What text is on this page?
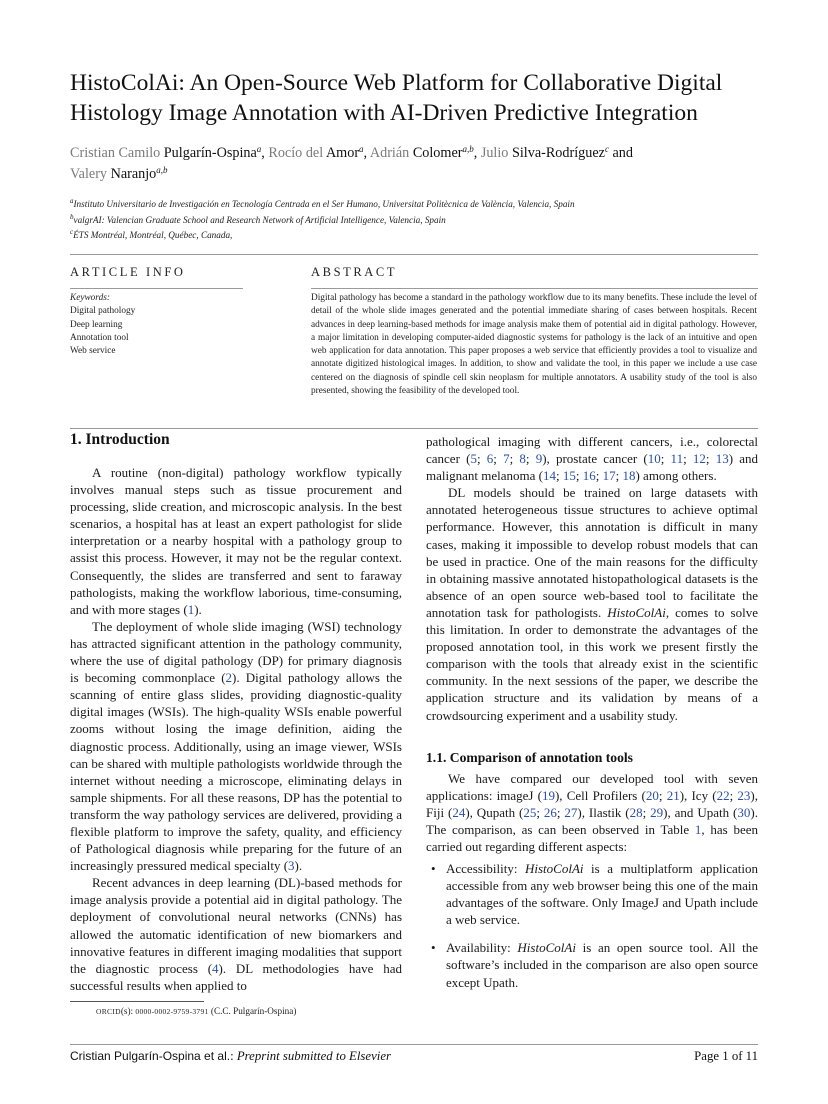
HistoColAi: An Open-Source Web Platform for Collaborative Digital
Histology Image Annotation with AI-Driven Predictive Integration
Cristian Camilo Pulgarín-Ospina$^a$, Rocío del Amor$^a$, Adrián Colomer$^{a,b}$, Julio Silva-Rodríguez$^c$ and
Valery Naranjo$^{a,b}$
$^a$Instituto Universitario de Investigación en Tecnología Centrada en el Ser Humano, Universitat Politècnica de València, Valencia, Spain
$^b$valgrAI: Valencian Graduate School and Research Network of Artificial Intelligence, Valencia, Spain
$^c$ÉTS Montréal, Montréal, Québec, Canada,
ARTICLE INFO	ABSTRACT
Keywords:
Digital pathology
Deep learning
Annotation tool
Web service
Digital pathology has become a standard in the pathology workflow due to its many benefits. These include the level of detail of the whole slide images generated and the potential immediate sharing of cases between hospitals. Recent advances in deep learning-based methods for image analysis make them of potential aid in digital pathology. However, a major limitation in developing computer-aided diagnostic systems for pathology is the lack of an intuitive and open web application for data annotation. This paper proposes a web service that efficiently provides a tool to visualize and annotate digitized histological images. In addition, to show and validate the tool, in this paper we include a use case centered on the diagnosis of spindle cell skin neoplasm for multiple annotators. A usability study of the tool is also presented, showing the feasibility of the developed tool.
1. Introduction

A routine (non-digital) pathology workflow typically involves manual steps such as tissue procurement and processing, slide creation, and microscopic analysis. In the best scenarios, a hospital has at least an expert pathologist for slide interpretation or a nearby hospital with a pathology group to assist this process. However, it may not be the regular context. Consequently, the slides are transferred and sent to faraway pathologists, making the workflow laborious, time-consuming, and with more stages (1).

The deployment of whole slide imaging (WSI) technology has attracted significant attention in the pathology community, where the use of digital pathology (DP) for primary diagnosis is becoming commonplace (2). Digital pathology allows the scanning of entire glass slides, providing diagnostic-quality digital images (WSIs). The high-quality WSIs enable powerful zooms without losing the image definition, aiding the diagnostic process. Additionally, using an image viewer, WSIs can be shared with multiple pathologists worldwide through the internet without needing a microscope, eliminating delays in sample shipments. For all these reasons, DP has the potential to transform the way pathology services are delivered, providing a flexible platform to improve the safety, quality, and efficiency of Pathological diagnosis while preparing for the future of an increasingly pressured medical specialty (3).

Recent advances in deep learning (DL)-based methods for image analysis provide a potential aid in digital pathology. The deployment of convolutional neural networks (CNNs) has allowed the automatic identification of new biomarkers and innovative features in different imaging modalities that support the diagnostic process (4). DL methodologies have had successful results when applied to

pathological imaging with different cancers, i.e., colorectal cancer (5; 6; 7; 8; 9), prostate cancer (10; 11; 12; 13) and malignant melanoma (14; 15; 16; 17; 18) among others.

DL models should be trained on large datasets with annotated heterogeneous tissue structures to achieve optimal performance. However, this annotation is difficult in many cases, making it impossible to develop robust models that can be used in practice. One of the main reasons for the difficulty in obtaining massive annotated histopathological datasets is the absence of an open source web-based tool to facilitate the annotation task for pathologists. HistoColAi, comes to solve this limitation. In order to demonstrate the advantages of the proposed annotation tool, in this work we present firstly the comparison with the tools that already exist in the scientific community. In the next sessions of the paper, we describe the application structure and its validation by means of a crowdsourcing experiment and a usability study.

1.1. Comparison of annotation tools

We have compared our developed tool with seven applications: imageJ (19), Cell Profilers (20; 21), Icy (22; 23), Fiji (24), Qupath (25; 26; 27), Ilastik (28; 29), and Upath (30). The comparison, as can been observed in Table 1, has been carried out regarding different aspects:

• Accessibility: HistoColAi is a multiplatform application accessible from any web browser being this one of the main advantages of the software. Only ImageJ and Upath include a web service.
• Availability: HistoColAi is an open source tool. All the software’s included in the comparison are also open source except Upath.
ORCID(s): 0000-0002-9759-3791 (C.C. Pulgarín-Ospina)
Cristian Pulgarín-Ospina et al.: Preprint submitted to Elsevier	Page 1 of 11
